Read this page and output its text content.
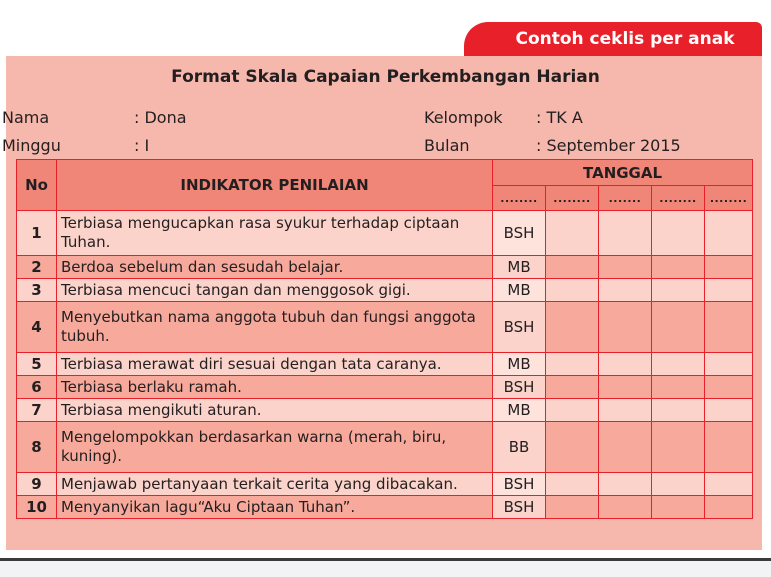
Contoh ceklis per anak
Format Skala Capaian Perkembangan Harian
Nama	: Dona
Minggu	: I
Kelompok : TK A
Bulan	: September 2015
No	INDIKATOR PENILAIAN	TANGGAL				
		........	........	.......	........	........
1	Terbiasa mengucapkan rasa syukur terhadap ciptaan Tuhan.	BSH				
2	Berdoa sebelum dan sesudah belajar.	MB				
3	Terbiasa mencuci tangan dan menggosok gigi.	MB				
4	Menyebutkan nama anggota tubuh dan fungsi anggota tubuh.	BSH				
5	Terbiasa merawat diri sesuai dengan tata caranya.	MB				
6	Terbiasa berlaku ramah.	BSH				
7	Terbiasa mengikuti aturan.	MB				
8	Mengelompokkan berdasarkan warna (merah, biru, kuning).	BB				
9	Menjawab pertanyaan terkait cerita yang dibacakan.	BSH				
10	Menyanyikan lagu“Aku Ciptaan Tuhan”.	BSH				
